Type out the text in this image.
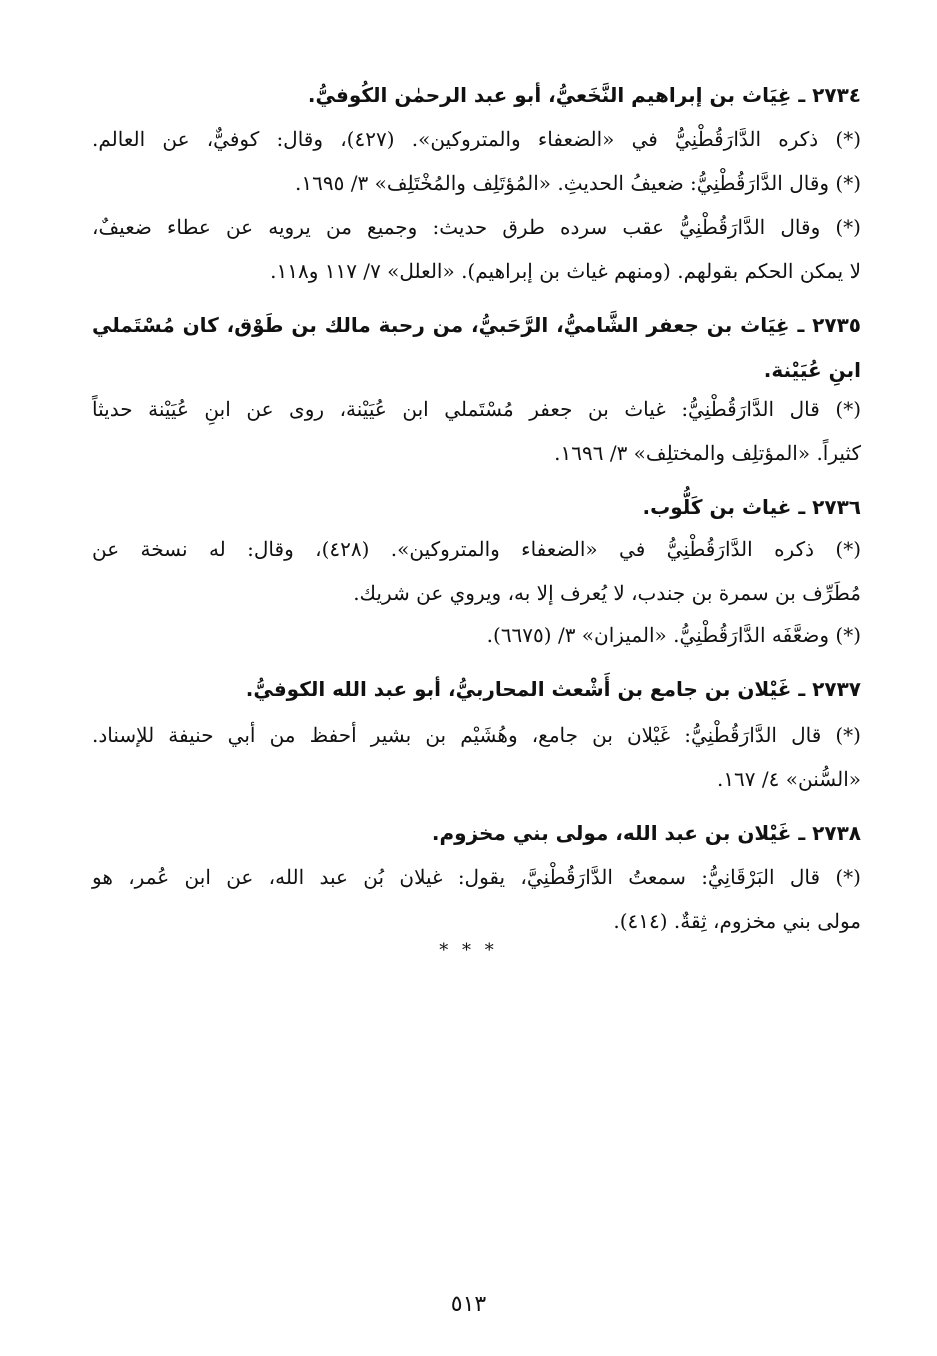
٢٧٣٤ ـ غِيَاث بن إبراهيم النَّخَعيُّ، أبو عبد الرحمٰن الكُوفيُّ.
(*) ذكره الدَّارَقُطْنِيُّ في «الضعفاء والمتروكين». (٤٢٧)، وقال: كوفيٌّ، عن العالم.
(*) وقال الدَّارَقُطْنِيُّ: ضعيفُ الحديثِ. «المُؤتَلِف والمُخْتَلِف» ٣/ ١٦٩٥.
(*) وقال الدَّارَقُطْنِيُّ عقب سرده طرق حديث: وجميع من يرويه عن عطاء ضعيفٌ،
لا يمكن الحكم بقولهم. (ومنهم غياث بن إبراهيم). «العلل» ٧/ ١١٧ و١١٨.
٢٧٣٥ ـ غِيَاث بن جعفر الشَّاميُّ، الرَّحَبيُّ، من رحبة مالك بن طَوْق، كان مُسْتَملي
ابنِ عُيَيْنة.
(*) قال الدَّارَقُطْنِيُّ: غياث بن جعفر مُسْتَملي ابن عُيَيْنة، روى عن ابنِ عُيَيْنة حديثاً
كثيراً. «المؤتلِف والمختلِف» ٣/ ١٦٩٦.
٢٧٣٦ ـ غياث بن كَلُّوب.
(*) ذكره الدَّارَقُطْنِيُّ في «الضعفاء والمتروكين». (٤٢٨)، وقال: له نسخة عن
مُطَرِّف بن سمرة بن جندب، لا يُعرف إلا به، ويروي عن شريك.
(*) وضعَّفَه الدَّارَقُطْنِيُّ. «الميزان» ٣/ (٦٦٧٥).
٢٧٣٧ ـ غَيْلان بن جامع بن أَشْعث المحاربيُّ، أبو عبد الله الكوفيُّ.
(*) قال الدَّارَقُطْنِيُّ: غَيْلان بن جامع، وهُشَيْم بن بشير أحفظ من أبي حنيفة للإسناد.
«السُّنن» ٤/ ١٦٧.
٢٧٣٨ ـ غَيْلان بن عبد الله، مولى بني مخزوم.
(*) قال البَرْقَانِيُّ: سمعتُ الدَّارَقُطْنِيَّ، يقول: غيلان بُن عبد الله، عن ابن عُمر، هو
مولى بني مخزوم، ثِقةٌ. (٤١٤).
* * *
٥١٣
